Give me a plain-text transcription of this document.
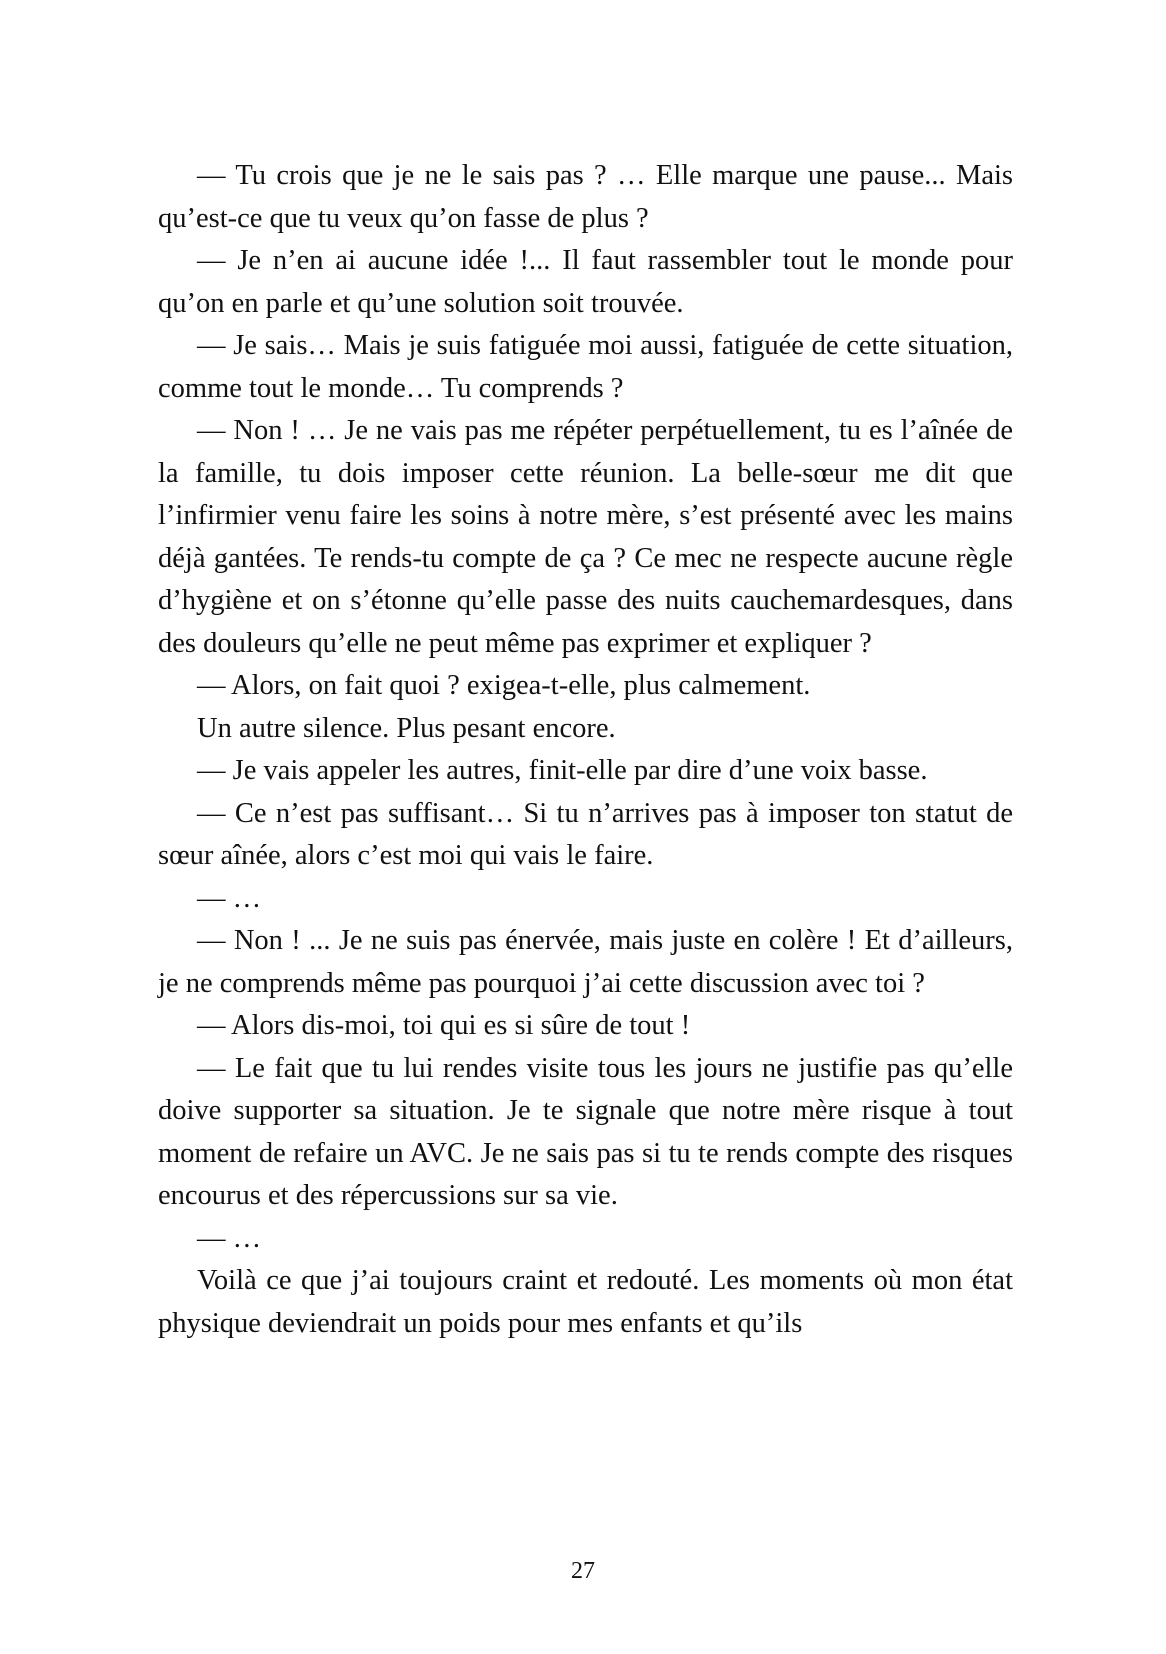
— Tu crois que je ne le sais pas ? … Elle marque une pause... Mais qu’est-ce que tu veux qu’on fasse de plus ?

— Je n’en ai aucune idée !... Il faut rassembler tout le monde pour qu’on en parle et qu’une solution soit trouvée.

— Je sais… Mais je suis fatiguée moi aussi, fatiguée de cette situation, comme tout le monde… Tu comprends ?

— Non ! … Je ne vais pas me répéter perpétuellement, tu es l’aînée de la famille, tu dois imposer cette réunion. La belle-sœur me dit que l’infirmier venu faire les soins à notre mère, s’est présenté avec les mains déjà gantées. Te rends-tu compte de ça ? Ce mec ne respecte aucune règle d’hygiène et on s’étonne qu’elle passe des nuits cauchemardesques, dans des douleurs qu’elle ne peut même pas exprimer et expliquer ?

— Alors, on fait quoi ? exigea-t-elle, plus calmement.

Un autre silence. Plus pesant encore.

— Je vais appeler les autres, finit-elle par dire d’une voix basse.

— Ce n’est pas suffisant… Si tu n’arrives pas à imposer ton statut de sœur aînée, alors c’est moi qui vais le faire.

— …

— Non ! ... Je ne suis pas énervée, mais juste en colère ! Et d’ailleurs, je ne comprends même pas pourquoi j’ai cette discussion avec toi ?

— Alors dis-moi, toi qui es si sûre de tout !

— Le fait que tu lui rendes visite tous les jours ne justifie pas qu’elle doive supporter sa situation. Je te signale que notre mère risque à tout moment de refaire un AVC. Je ne sais pas si tu te rends compte des risques encourus et des répercussions sur sa vie.

— …

Voilà ce que j’ai toujours craint et redouté. Les moments où mon état physique deviendrait un poids pour mes enfants et qu’ils

27
